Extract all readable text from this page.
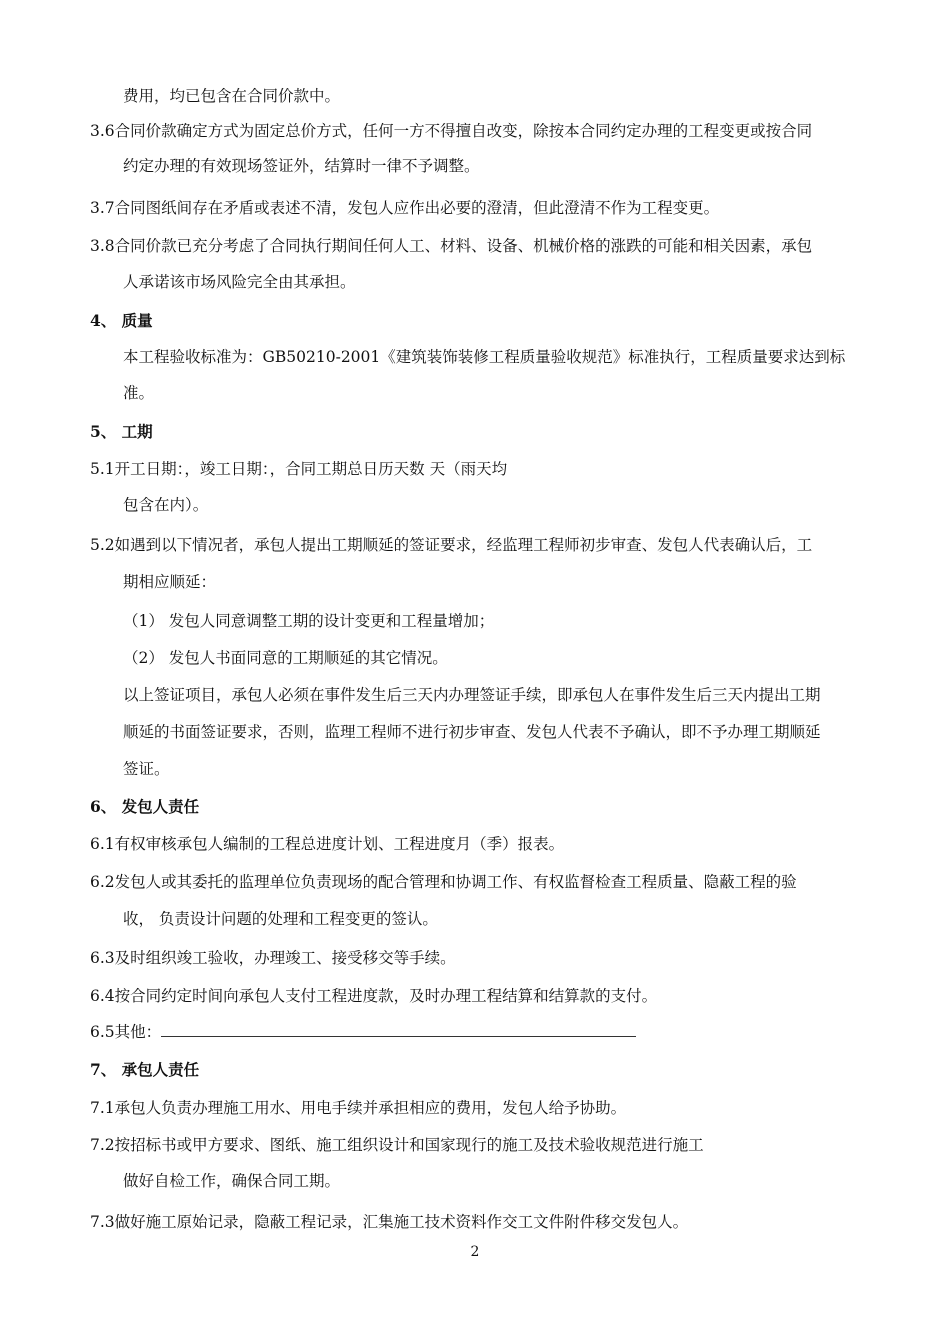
费用，均已包含在合同价款中。
3.6合同价款确定方式为固定总价方式，任何一方不得擅自改变，除按本合同约定办理的工程变更或按合同
约定办理的有效现场签证外，结算时一律不予调整。
3.7合同图纸间存在矛盾或表述不清，发包人应作出必要的澄清，但此澄清不作为工程变更。
3.8合同价款已充分考虑了合同执行期间任何人工、材料、设备、机械价格的涨跌的可能和相关因素，承包
人承诺该市场风险完全由其承担。
4、 质量
本工程验收标准为：GB50210-2001《建筑装饰装修工程质量验收规范》标准执行，工程质量要求达到标
准。
5、 工期
5.1开工日期：，竣工日期：，合同工期总日历天数 天（雨天均
包含在内）。
5.2如遇到以下情况者，承包人提出工期顺延的签证要求，经监理工程师初步审查、发包人代表确认后，工
期相应顺延：
（1） 发包人同意调整工期的设计变更和工程量增加；
（2） 发包人书面同意的工期顺延的其它情况。
以上签证项目，承包人必须在事件发生后三天内办理签证手续，即承包人在事件发生后三天内提出工期
顺延的书面签证要求，否则，监理工程师不进行初步审查、发包人代表不予确认，即不予办理工期顺延
签证。
6、 发包人责任
6.1有权审核承包人编制的工程总进度计划、工程进度月（季）报表。
6.2发包人或其委托的监理单位负责现场的配合管理和协调工作、有权监督检查工程质量、隐蔽工程的验
收， 负责设计问题的处理和工程变更的签认。
6.3及时组织竣工验收，办理竣工、接受移交等手续。
6.4按合同约定时间向承包人支付工程进度款，及时办理工程结算和结算款的支付。
6.5其他：
7、 承包人责任
7.1承包人负责办理施工用水、用电手续并承担相应的费用，发包人给予协助。
7.2按招标书或甲方要求、图纸、施工组织设计和国家现行的施工及技术验收规范进行施工
做好自检工作，确保合同工期。
7.3做好施工原始记录，隐蔽工程记录，汇集施工技术资料作交工文件附件移交发包人。
2
